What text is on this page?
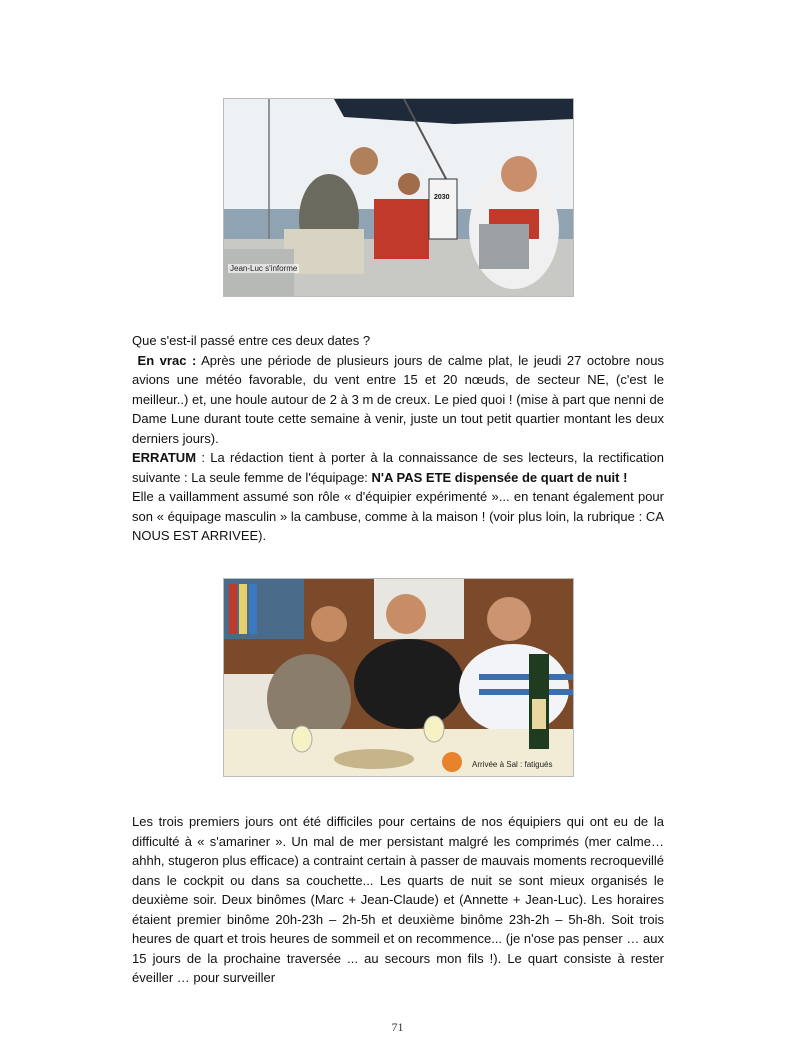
2030
Jean-Luc s'informe

Que s'est-il passé entre ces deux dates ?

En vrac : Après une période de plusieurs jours de calme plat, le jeudi 27 octobre nous avions une météo favorable, du vent entre 15 et 20 nœuds, de secteur NE, (c'est le meilleur..) et, une houle autour de 2 à 3 m de creux. Le pied quoi ! (mise à part que nenni de Dame Lune durant toute cette semaine à venir, juste un tout petit quartier montant les deux derniers jours).

ERRATUM : La rédaction tient à porter à la connaissance de ses lecteurs, la rectification suivante : La seule femme de l'équipage: N'A PAS ETE dispensée de quart de nuit !

Elle a vaillamment assumé son rôle « d'équipier expérimenté »... en tenant également pour son « équipage masculin » la cambuse, comme à la maison ! (voir plus loin, la rubrique : CA NOUS EST ARRIVEE).

Arrivée à Sal : fatigués

Les trois premiers jours ont été difficiles pour certains de nos équipiers qui ont eu de la difficulté à « s'amariner ». Un mal de mer persistant malgré les comprimés (mer calme… ahhh, stugeron plus efficace) a contraint certain à passer de mauvais moments recroquevillé dans le cockpit ou dans sa couchette... Les quarts de nuit se sont mieux organisés le deuxième soir. Deux binômes (Marc + Jean-Claude) et (Annette + Jean-Luc). Les horaires étaient premier binôme 20h-23h – 2h-5h et deuxième binôme 23h-2h – 5h-8h. Soit trois heures de quart et trois heures de sommeil et on recommence... (je n'ose pas penser … aux 15 jours de la prochaine traversée ... au secours mon fils !). Le quart consiste à rester éveiller … pour surveiller

71
